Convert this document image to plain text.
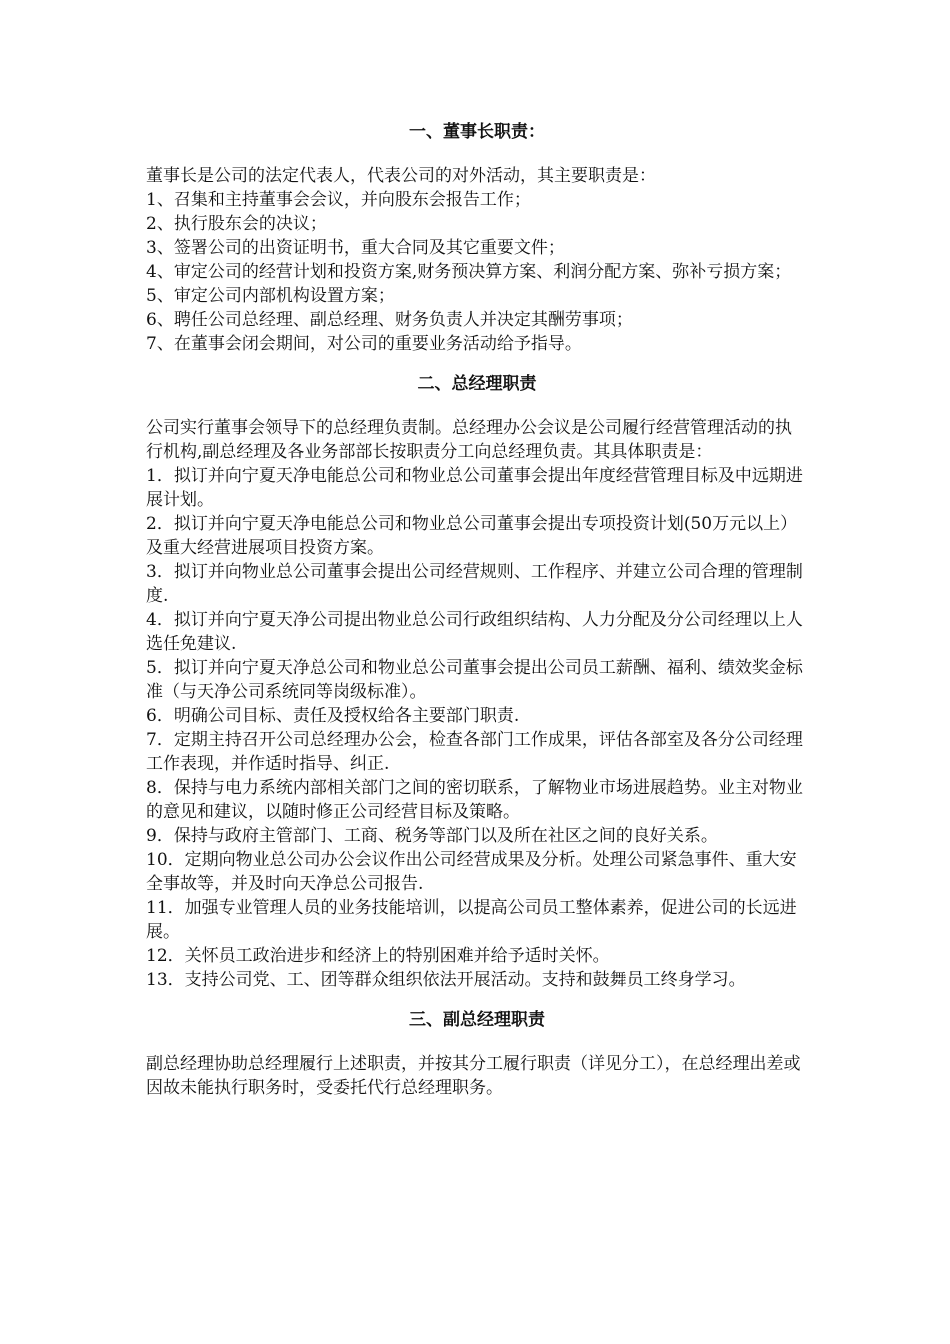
一、董事长职责：

董事长是公司的法定代表人，代表公司的对外活动，其主要职责是：

1、召集和主持董事会会议，并向股东会报告工作；

2、执行股东会的决议；

3、签署公司的出资证明书，重大合同及其它重要文件；

4、审定公司的经营计划和投资方案,财务预决算方案、利润分配方案、弥补亏损方案；

5、审定公司内部机构设置方案；

6、聘任公司总经理、副总经理、财务负责人并决定其酬劳事项；

7、在董事会闭会期间，对公司的重要业务活动给予指导。

二、总经理职责

公司实行董事会领导下的总经理负责制。总经理办公会议是公司履行经营管理活动的执行机构,副总经理及各业务部部长按职责分工向总经理负责。其具体职责是：

1．拟订并向宁夏天净电能总公司和物业总公司董事会提出年度经营管理目标及中远期进展计划。

2．拟订并向宁夏天净电能总公司和物业总公司董事会提出专项投资计划(50万元以上）及重大经营进展项目投资方案。

3．拟订并向物业总公司董事会提出公司经营规则、工作程序、并建立公司合理的管理制度.

4．拟订并向宁夏天净公司提出物业总公司行政组织结构、人力分配及分公司经理以上人选任免建议.

5．拟订并向宁夏天净总公司和物业总公司董事会提出公司员工薪酬、福利、绩效奖金标准（与天净公司系统同等岗级标准）。

6．明确公司目标、责任及授权给各主要部门职责.

7．定期主持召开公司总经理办公会，检查各部门工作成果，评估各部室及各分公司经理工作表现，并作适时指导、纠正.

8．保持与电力系统内部相关部门之间的密切联系，了解物业市场进展趋势。业主对物业的意见和建议，以随时修正公司经营目标及策略。

9．保持与政府主管部门、工商、税务等部门以及所在社区之间的良好关系。

10．定期向物业总公司办公会议作出公司经营成果及分析。处理公司紧急事件、重大安全事故等，并及时向天净总公司报告.

11．加强专业管理人员的业务技能培训，以提高公司员工整体素养，促进公司的长远进展。

12．关怀员工政治进步和经济上的特别困难并给予适时关怀。

13．支持公司党、工、团等群众组织依法开展活动。支持和鼓舞员工终身学习。

三、副总经理职责

副总经理协助总经理履行上述职责，并按其分工履行职责（详见分工），在总经理出差或因故未能执行职务时，受委托代行总经理职务。
